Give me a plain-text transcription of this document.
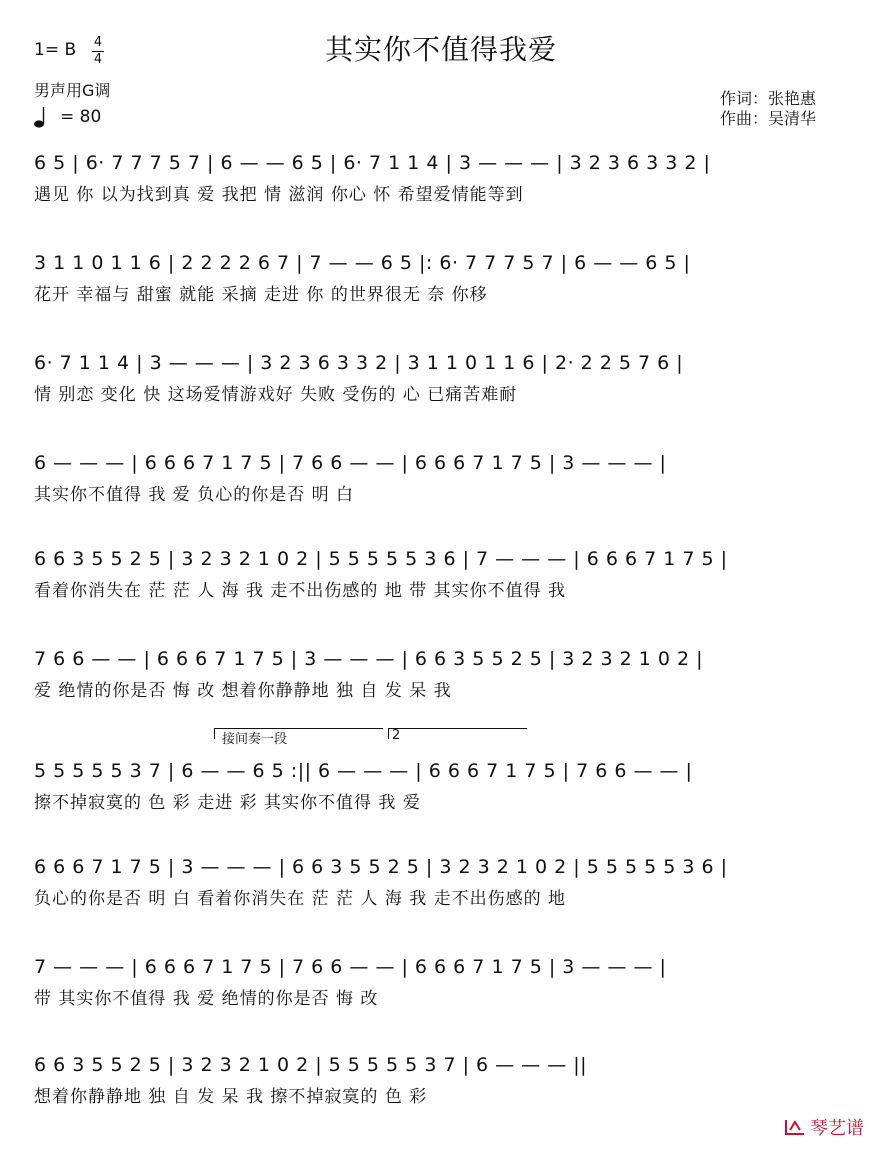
其实你不值得我爱
1= B 4
4
男声用G调
= 80
作词：张艳惠
作曲：吴清华
6 5 | 6· 7 7 7 5 7 | 6 — — 6 5 | 6· 7 1 1 4 | 3 — — — | 3 2 3 6 3 3 2 |
遇见 你 以为找到真 爱 我把 情 滋润 你心 怀 希望爱情能等到
3 1 1 0 1 1 6 | 2 2 2 2 6 7 | 7 — — 6 5 |: 6· 7 7 7 5 7 | 6 — — 6 5 |
花开 幸福与 甜蜜 就能 采摘 走进 你 的世界很无 奈 你移
6· 7 1 1 4 | 3 — — — | 3 2 3 6 3 3 2 | 3 1 1 0 1 1 6 | 2· 2 2 5 7 6 |
情 别恋 变化 快 这场爱情游戏好 失败 受伤的 心 已痛苦难耐
6 — — — | 6 6 6 7 1 7 5 | 7 6 6 — — | 6 6 6 7 1 7 5 | 3 — — — |
其实你不值得 我 爱 负心的你是否 明 白
6 6 3 5 5 2 5 | 3 2 3 2 1 0 2 | 5 5 5 5 5 3 6 | 7 — — — | 6 6 6 7 1 7 5 |
看着你消失在 茫 茫 人 海 我 走不出伤感的 地 带 其实你不值得 我
7 6 6 — — | 6 6 6 7 1 7 5 | 3 — — — | 6 6 3 5 5 2 5 | 3 2 3 2 1 0 2 |
爱 绝情的你是否 悔 改 想着你静静地 独 自 发 呆 我
5 5 5 5 5 3 7 | 6 — — 6 5 :|| 6 — — — | 6 6 6 7 1 7 5 | 7 6 6 — — |
擦不掉寂寞的 色 彩 走进 彩 其实你不值得 我 爱
6 6 6 7 1 7 5 | 3 — — — | 6 6 3 5 5 2 5 | 3 2 3 2 1 0 2 | 5 5 5 5 5 3 6 |
负心的你是否 明 白 看着你消失在 茫 茫 人 海 我 走不出伤感的 地
7 — — — | 6 6 6 7 1 7 5 | 7 6 6 — — | 6 6 6 7 1 7 5 | 3 — — — |
带 其实你不值得 我 爱 绝情的你是否 悔 改
6 6 3 5 5 2 5 | 3 2 3 2 1 0 2 | 5 5 5 5 5 3 7 | 6 — — — ||
想着你静静地 独 自 发 呆 我 擦不掉寂寞的 色 彩
接间奏一段	2
琴艺谱
